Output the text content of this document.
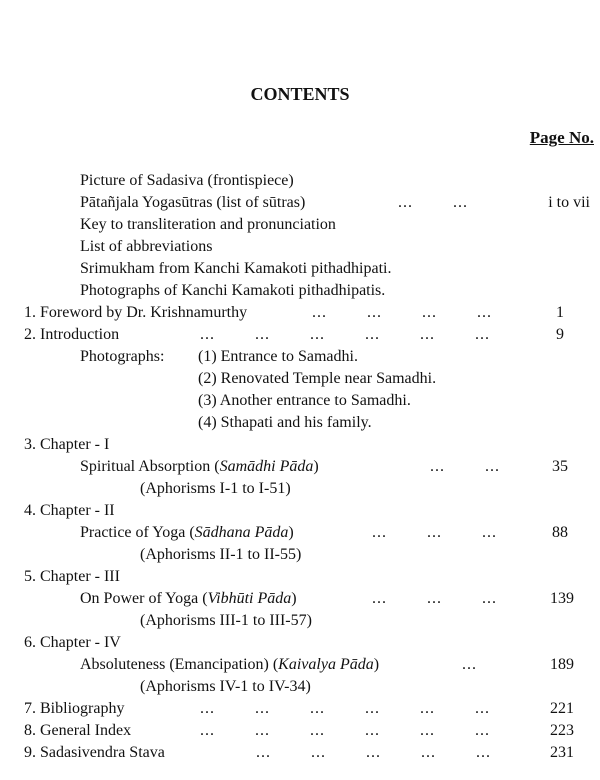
CONTENTS
Page No.
Picture of Sadasiva (frontispiece)
Pātañjala Yogasūtras (list of sūtras)	...        ...	i to vii
Key to transliteration and pronunciation
List of abbreviations
Srimukham from Kanchi Kamakoti pithadhipati.
Photographs of Kanchi Kamakoti pithadhipatis.
1. Foreword by Dr. Krishnamurthy	...        ...        ...        ...	1
2. Introduction	...        ...        ...        ...        ...        ...	9
Photographs: (1) Entrance to Samadhi.
(2) Renovated Temple near Samadhi.
(3) Another entrance to Samadhi.
(4) Sthapati and his family.
3. Chapter - I
Spiritual Absorption (Samādhi Pāda)	...        ...	35
(Aphorisms I-1 to I-51)
4. Chapter - II
Practice of Yoga (Sādhana Pāda)	...        ...        ...	88
(Aphorisms II-1 to II-55)
5. Chapter - III
On Power of Yoga (Vibhūti Pāda)	...        ...        ...	139
(Aphorisms III-1 to III-57)
6. Chapter - IV
Absoluteness (Emancipation) (Kaivalya Pāda)	...	189
(Aphorisms IV-1 to IV-34)
7. Bibliography	...        ...        ...        ...        ...        ...	221
8. General Index	...        ...        ...        ...        ...        ...	223
9. Sadasivendra Stava	...        ...        ...        ...        ...	231
